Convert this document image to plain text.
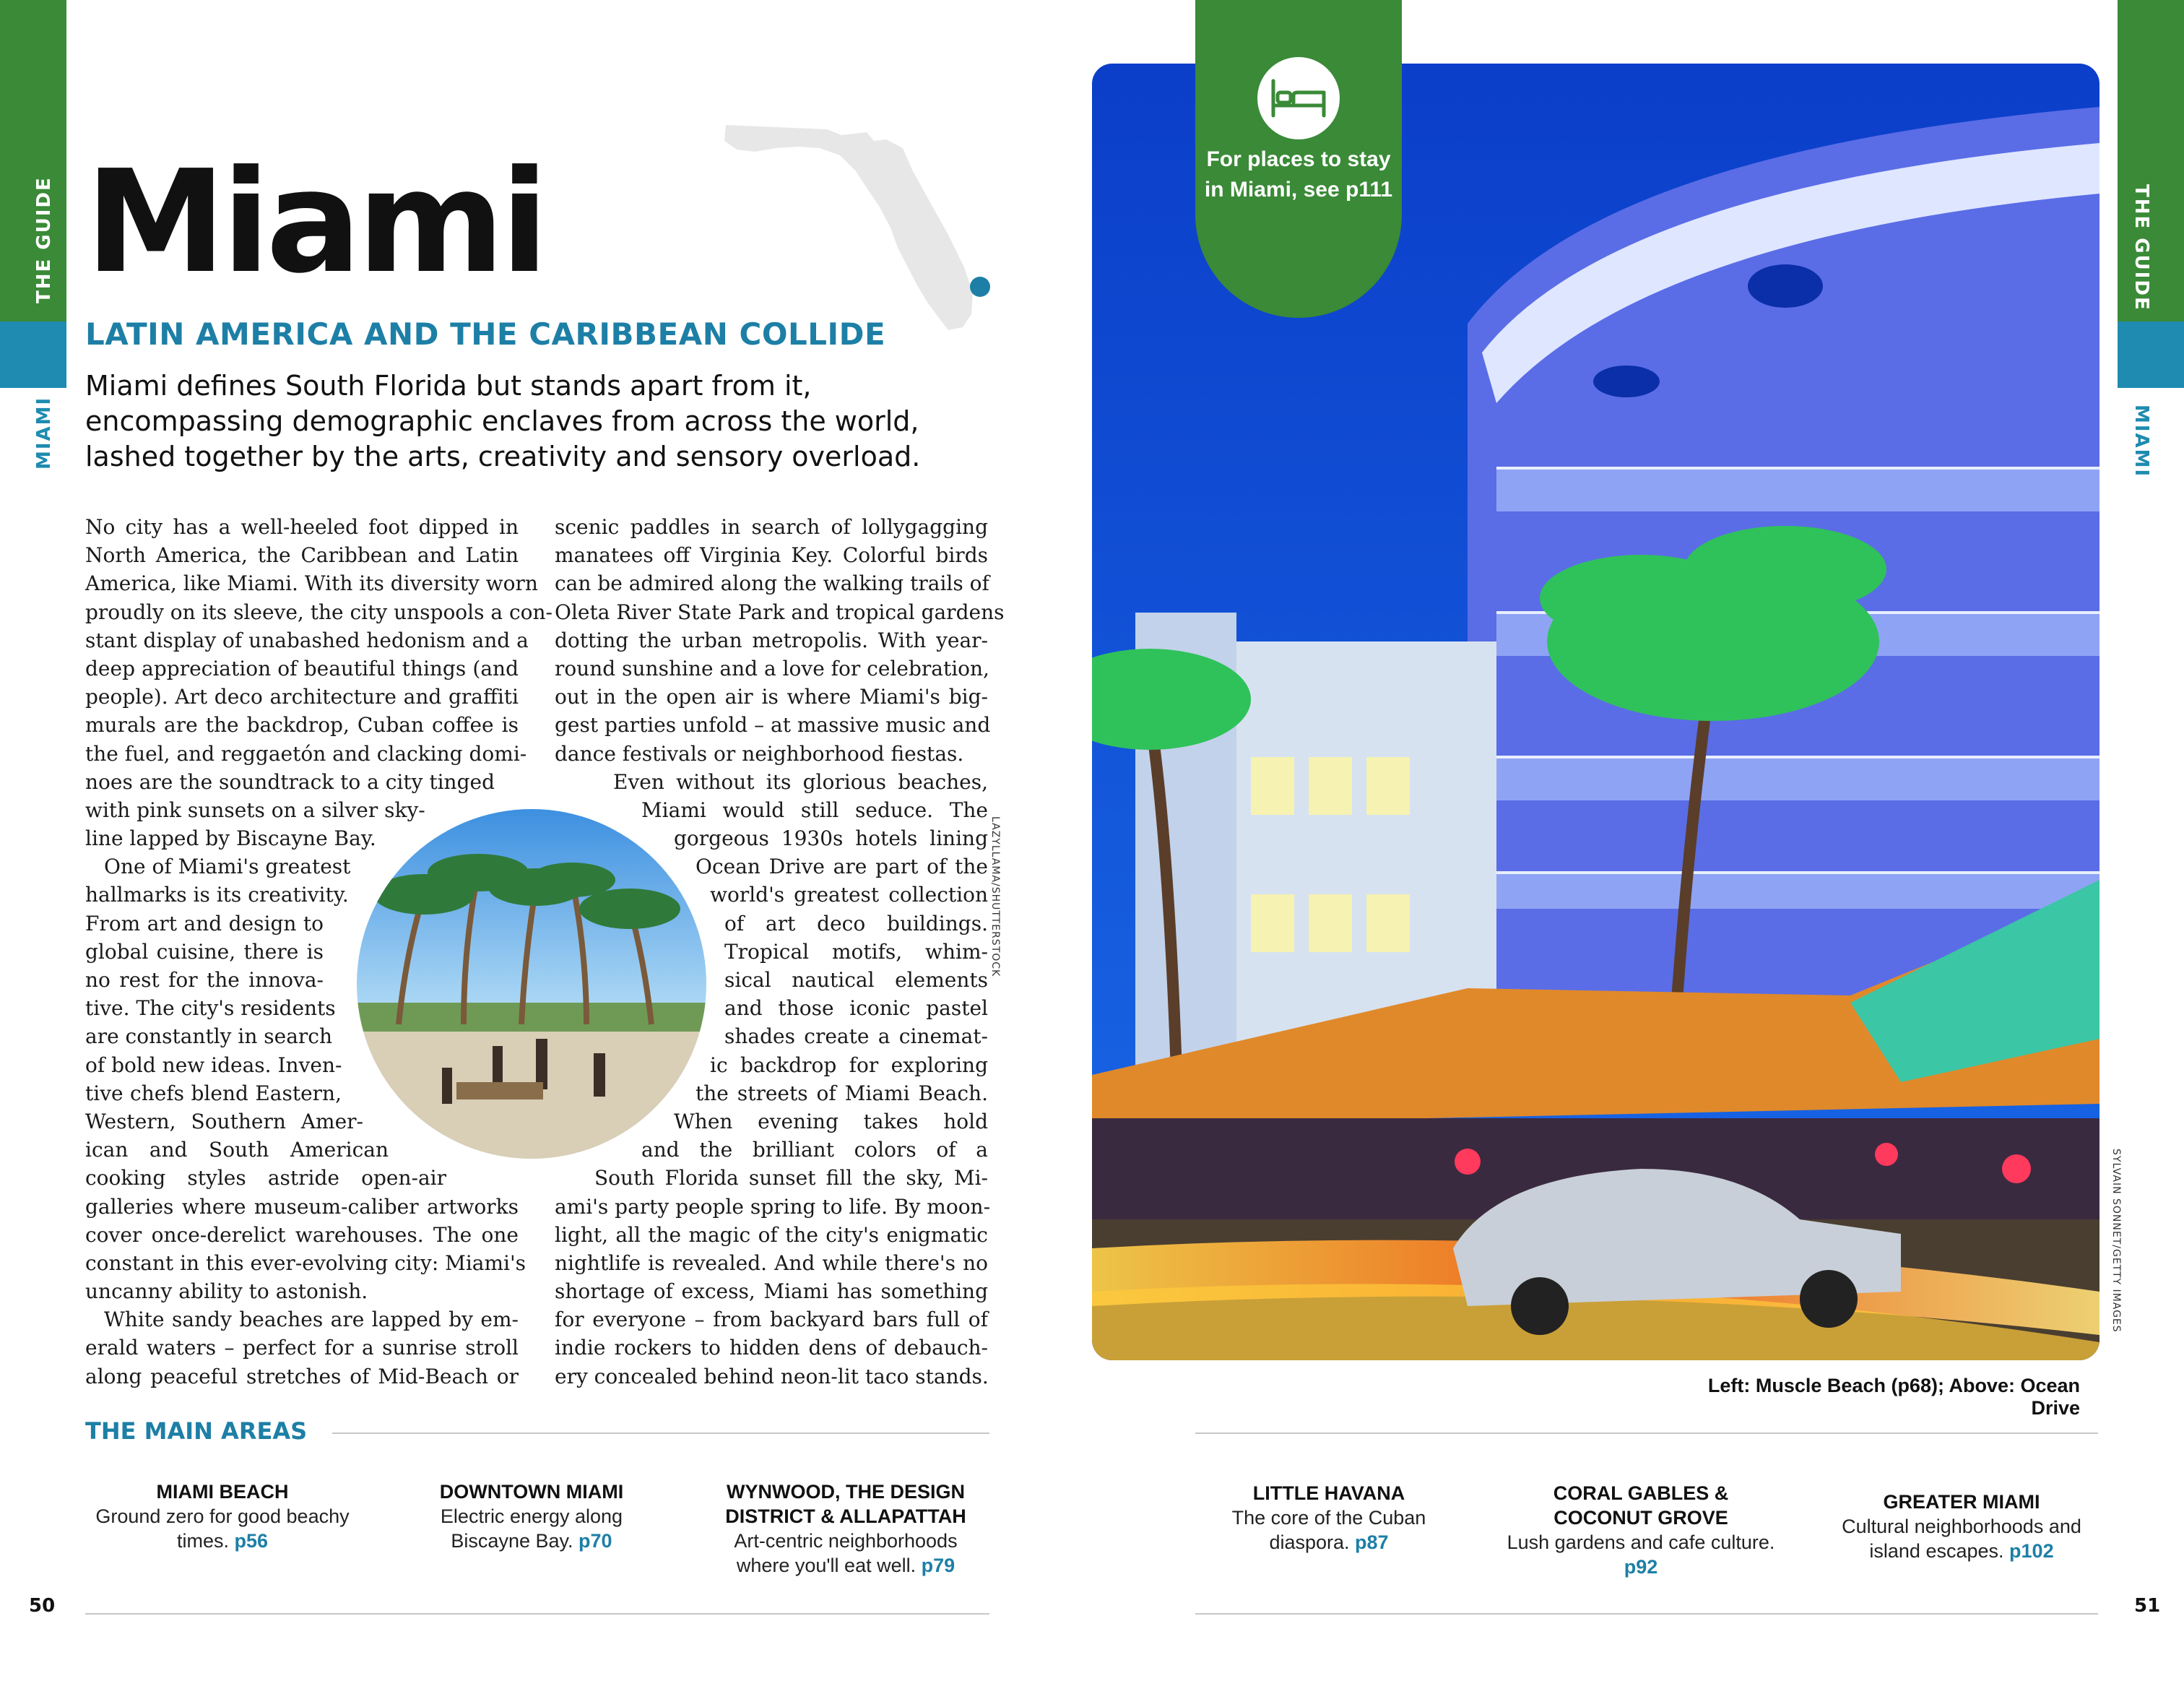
THE GUIDE
MIAMI
THE GUIDE
MIAMI
Miami
LATIN AMERICA AND THE CARIBBEAN COLLIDE
Miami defines South Florida but stands apart from it, encompassing demographic enclaves from across the world, lashed together by the arts, creativity and sensory overload.
No city has a well-heeled foot dipped in
North America, the Caribbean and Latin
America, like Miami. With its diversity worn
proudly on its sleeve, the city unspools a con-
stant display of unabashed hedonism and a
deep appreciation of beautiful things (and
people). Art deco architecture and graffiti
murals are the backdrop, Cuban coffee is
the fuel, and reggaetón and clacking domi-
noes are the soundtrack to a city tinged
with pink sunsets on a silver sky-
line lapped by Biscayne Bay.
One of Miami's greatest
hallmarks is its creativity.
From art and design to
global cuisine, there is
no rest for the innova-
tive. The city's residents
are constantly in search
of bold new ideas. Inven-
tive chefs blend Eastern,
Western, Southern Amer-
ican and South American
cooking styles astride open-air
galleries where museum-caliber artworks
cover once-derelict warehouses. The one
constant in this ever-evolving city: Miami's
uncanny ability to astonish.
White sandy beaches are lapped by em-
erald waters – perfect for a sunrise stroll
along peaceful stretches of Mid-Beach or
scenic paddles in search of lollygagging
manatees off Virginia Key. Colorful birds
can be admired along the walking trails of
Oleta River State Park and tropical gardens
dotting the urban metropolis. With year-
round sunshine and a love for celebration,
out in the open air is where Miami's big-
gest parties unfold – at massive music and
dance festivals or neighborhood fiestas.
Even without its glorious beaches,
Miami would still seduce. The
gorgeous 1930s hotels lining
Ocean Drive are part of the
world's greatest collection
of art deco buildings.
Tropical motifs, whim-
sical nautical elements
and those iconic pastel
shades create a cinemat-
ic backdrop for exploring
the streets of Miami Beach.
When evening takes hold
and the brilliant colors of a
South Florida sunset fill the sky, Mi-
ami's party people spring to life. By moon-
light, all the magic of the city's enigmatic
nightlife is revealed. And while there's no
shortage of excess, Miami has something
for everyone – from backyard bars full of
indie rockers to hidden dens of debauch-
ery concealed behind neon-lit taco stands.
LAZYLLAMA/SHUTTERSTOCK
SYLVAIN SONNET/GETTY IMAGES
For places to stay
in Miami, see p111
Left: Muscle Beach (p68); Above: Ocean Drive
THE MAIN AREAS
MIAMI BEACH
Ground zero for good beachy
times. p56
DOWNTOWN MIAMI
Electric energy along
Biscayne Bay. p70
WYNWOOD, THE DESIGN
DISTRICT & ALLAPATTAH
Art-centric neighborhoods
where you'll eat well. p79
LITTLE HAVANA
The core of the Cuban
diaspora. p87
CORAL GABLES &
COCONUT GROVE
Lush gardens and cafe culture.
p92
GREATER MIAMI
Cultural neighborhoods and
island escapes. p102
50	51
